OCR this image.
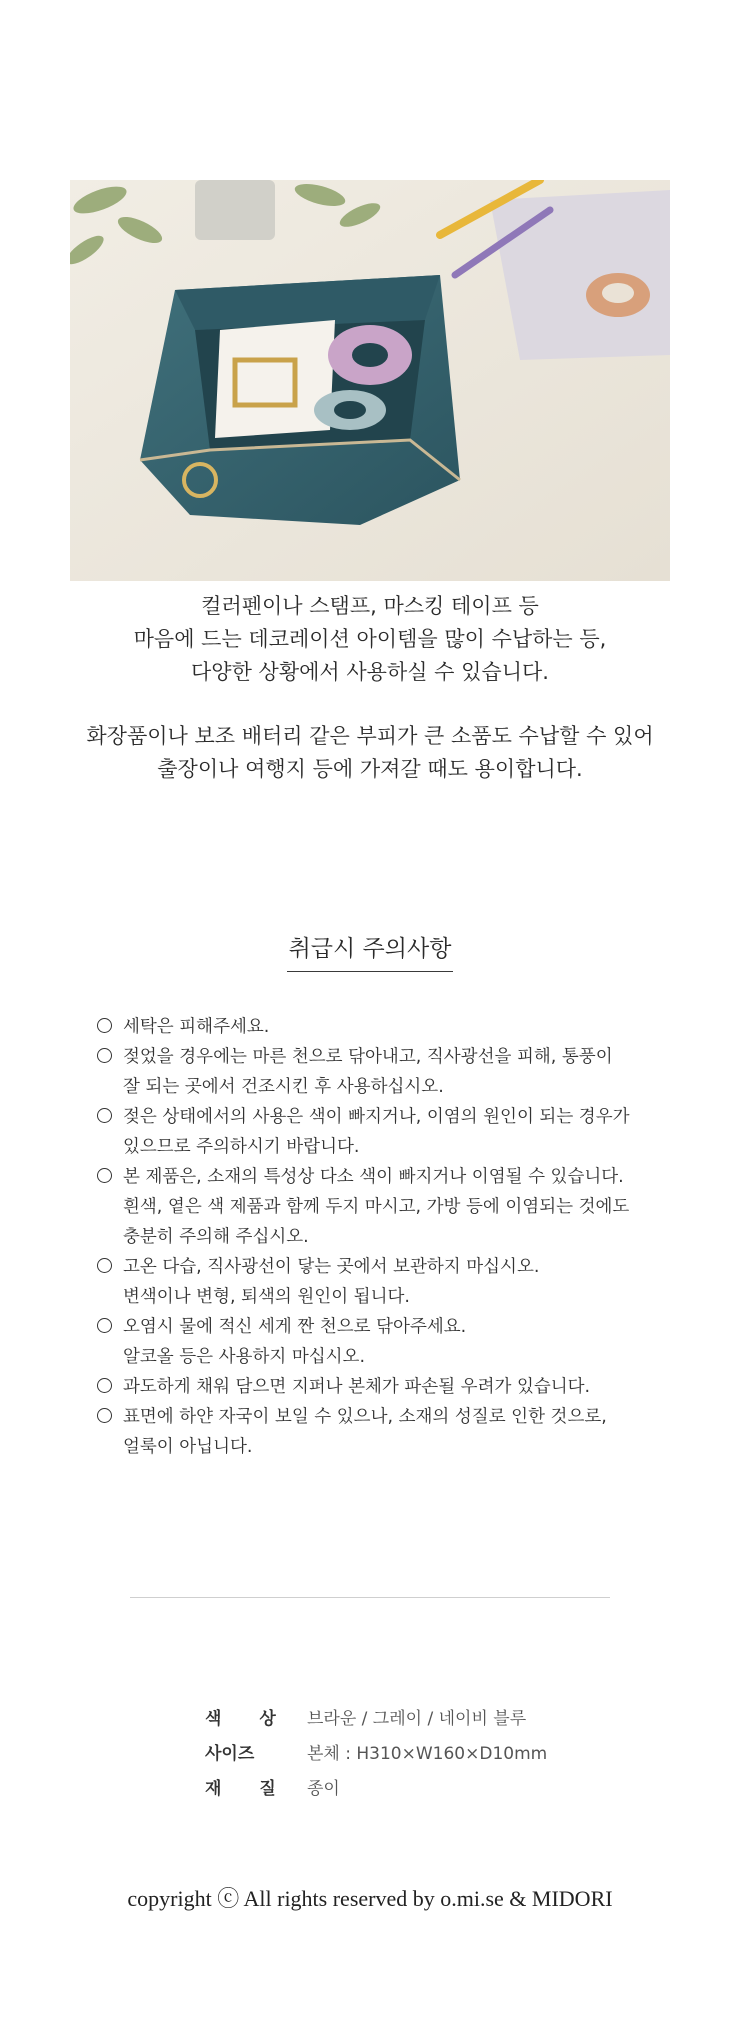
컬러펜이나 스탬프, 마스킹 테이프 등

마음에 드는 데코레이션 아이템을 많이 수납하는 등,

다양한 상황에서 사용하실 수 있습니다.

화장품이나 보조 배터리 같은 부피가 큰 소품도 수납할 수 있어

출장이나 여행지 등에 가져갈 때도 용이합니다.

취급시 주의사항
세탁은 피해주세요.
젖었을 경우에는 마른 천으로 닦아내고, 직사광선을 피해, 통풍이
잘 되는 곳에서 건조시킨 후 사용하십시오.
젖은 상태에서의 사용은 색이 빠지거나, 이염의 원인이 되는 경우가
있으므로 주의하시기 바랍니다.
본 제품은, 소재의 특성상 다소 색이 빠지거나 이염될 수 있습니다.
흰색, 옅은 색 제품과 함께 두지 마시고, 가방 등에 이염되는 것에도
충분히 주의해 주십시오.
고온 다습, 직사광선이 닿는 곳에서 보관하지 마십시오.
변색이나 변형, 퇴색의 원인이 됩니다.
오염시 물에 적신 세게 짠 천으로 닦아주세요.
알코올 등은 사용하지 마십시오.
과도하게 채워 담으면 지퍼나 본체가 파손될 우려가 있습니다.
표면에 하얀 자국이 보일 수 있으나, 소재의 성질로 인한 것으로,
얼룩이 아닙니다.
색 상 브라운 / 그레이 / 네이비 블루
사이즈	본체 : H310×W160×D10mm
재 질 종이
copyright ⓒ All rights reserved by o.mi.se & MIDORI
